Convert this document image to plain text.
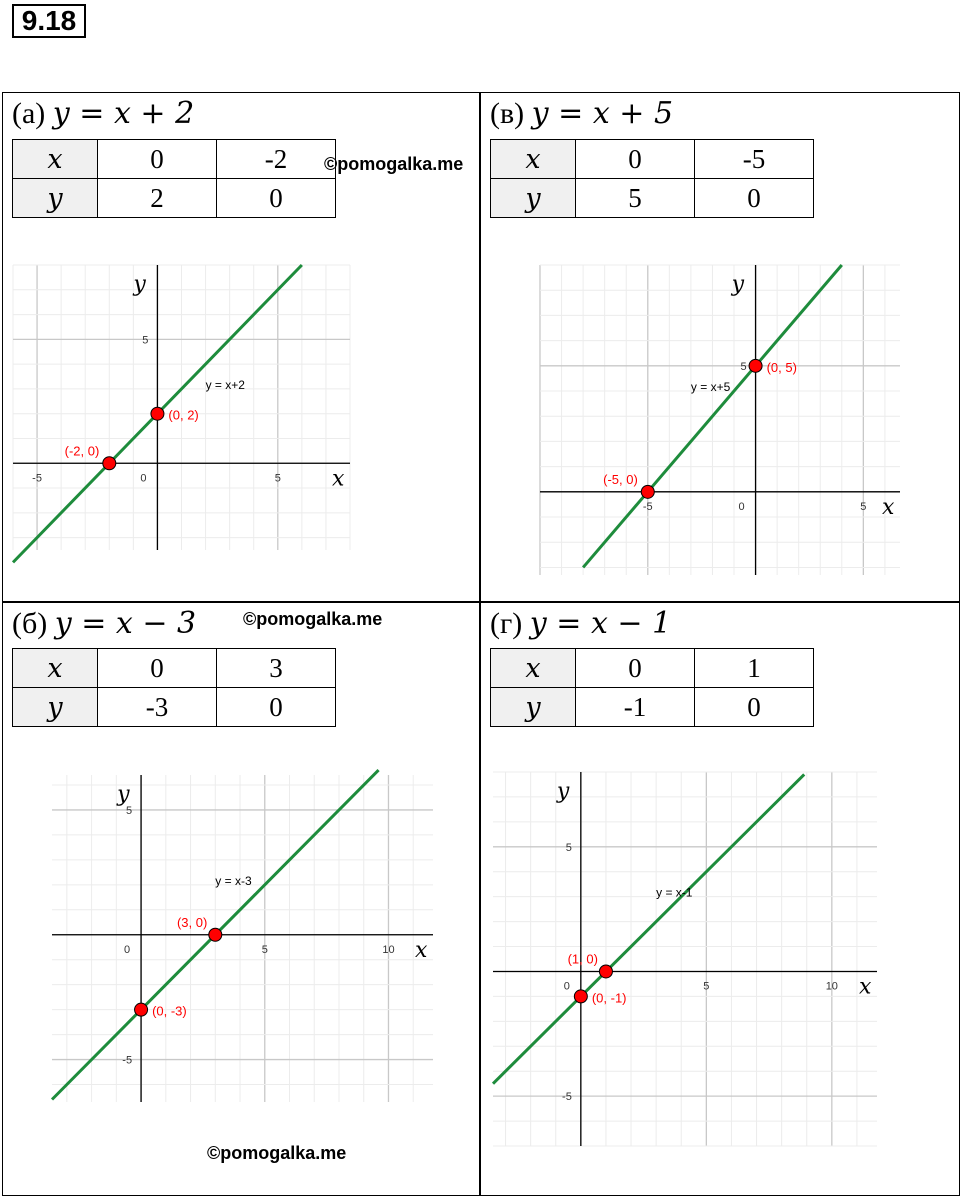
9.18
(а) y = x + 2
x	0	-2
y	2	0
©pomogalka.me
-5	0	5
5
x
y
y = x+2
(0, 2)
(-2, 0)
(в) y = x + 5
x	0	-5
y	5	0
-5	0	5
5
x
y
y = x+5
(0, 5)
(-5, 0)
(б) y = x − 3
x	0	3
y	-3	0
©pomogalka.me
0	5	10
5
-5
x
y
y = x-3
(3, 0)
(0, -3)
©pomogalka.me
(г) y = x − 1
x	0	1
y	-1	0
0	5	10
5
-5
x
y
y = x-1
(1, 0)
(0, -1)
